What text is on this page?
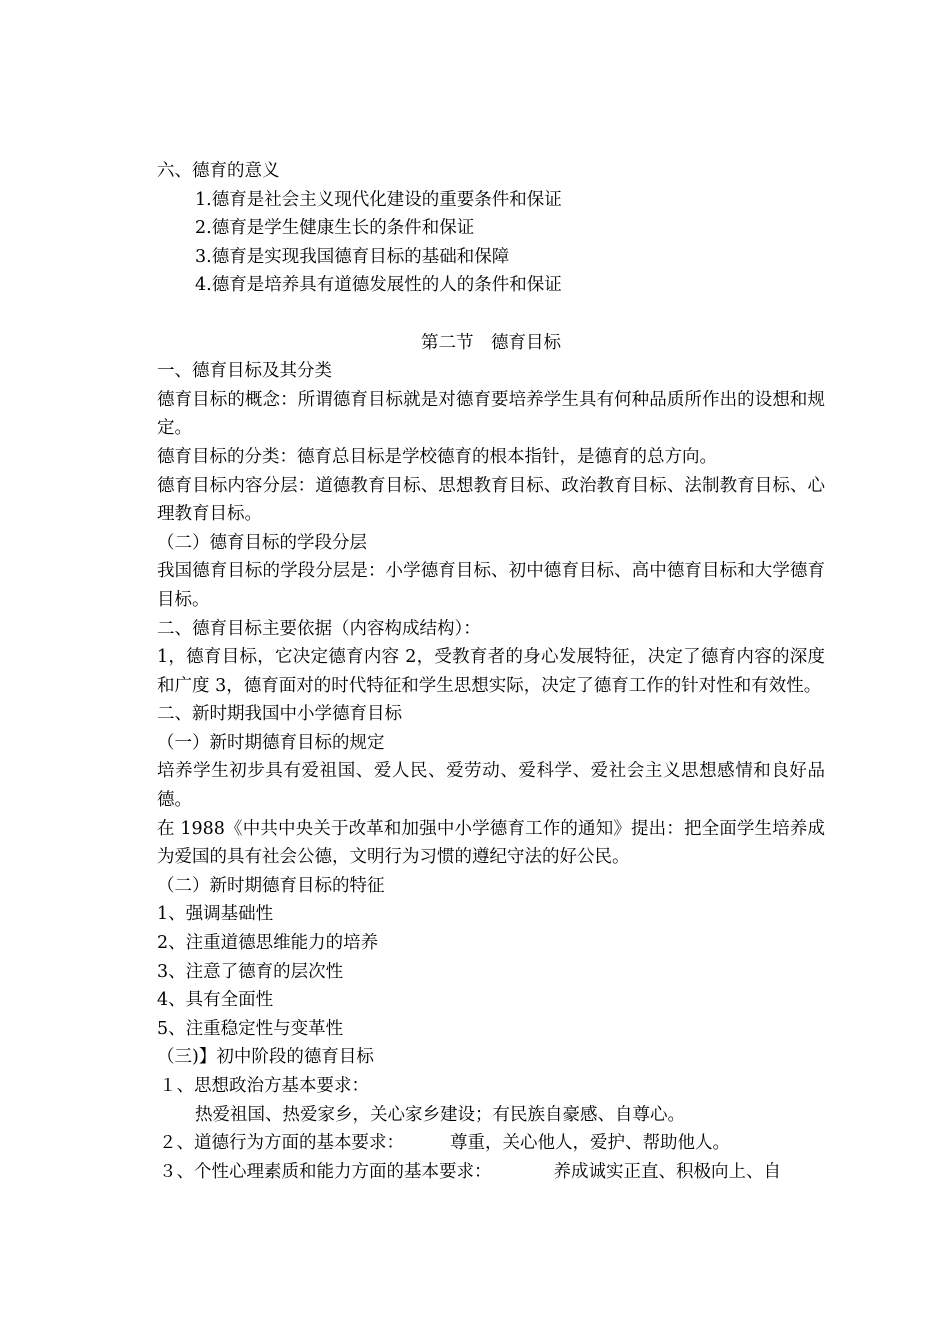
六、德育的意义
1.德育是社会主义现代化建设的重要条件和保证
2.德育是学生健康生长的条件和保证
3.德育是实现我国德育目标的基础和保障
4.德育是培养具有道德发展性的人的条件和保证
第二节　德育目标
一、德育目标及其分类
德育目标的概念：所谓德育目标就是对德育要培养学生具有何种品质所作出的设想和规定。
德育目标的分类：德育总目标是学校德育的根本指针，是德育的总方向。
德育目标内容分层：道德教育目标、思想教育目标、政治教育目标、法制教育目标、心理教育目标。
（二）德育目标的学段分层
我国德育目标的学段分层是：小学德育目标、初中德育目标、高中德育目标和大学德育目标。
二、德育目标主要依据（内容构成结构）：
1，德育目标，它决定德育内容 2，受教育者的身心发展特征，决定了德育内容的深度和广度 3，德育面对的时代特征和学生思想实际，决定了德育工作的针对性和有效性。
二、新时期我国中小学德育目标
（一）新时期德育目标的规定
培养学生初步具有爱祖国、爱人民、爱劳动、爱科学、爱社会主义思想感情和良好品德。
在 1988《中共中央关于改革和加强中小学德育工作的通知》提出：把全面学生培养成为爱国的具有社会公德，文明行为习惯的遵纪守法的好公民。
（二）新时期德育目标的特征
1、强调基础性
2、注重道德思维能力的培养
3、注意了德育的层次性
4、具有全面性
5、注重稳定性与变革性
（三)】初中阶段的德育目标
１、思想政治方基本要求：
热爱祖国、热爱家乡，关心家乡建设；有民族自豪感、自尊心。
２、道德行为方面的基本要求：	尊重，关心他人，爱护、帮助他人。
３、个性心理素质和能力方面的基本要求：	养成诚实正直、积极向上、自
